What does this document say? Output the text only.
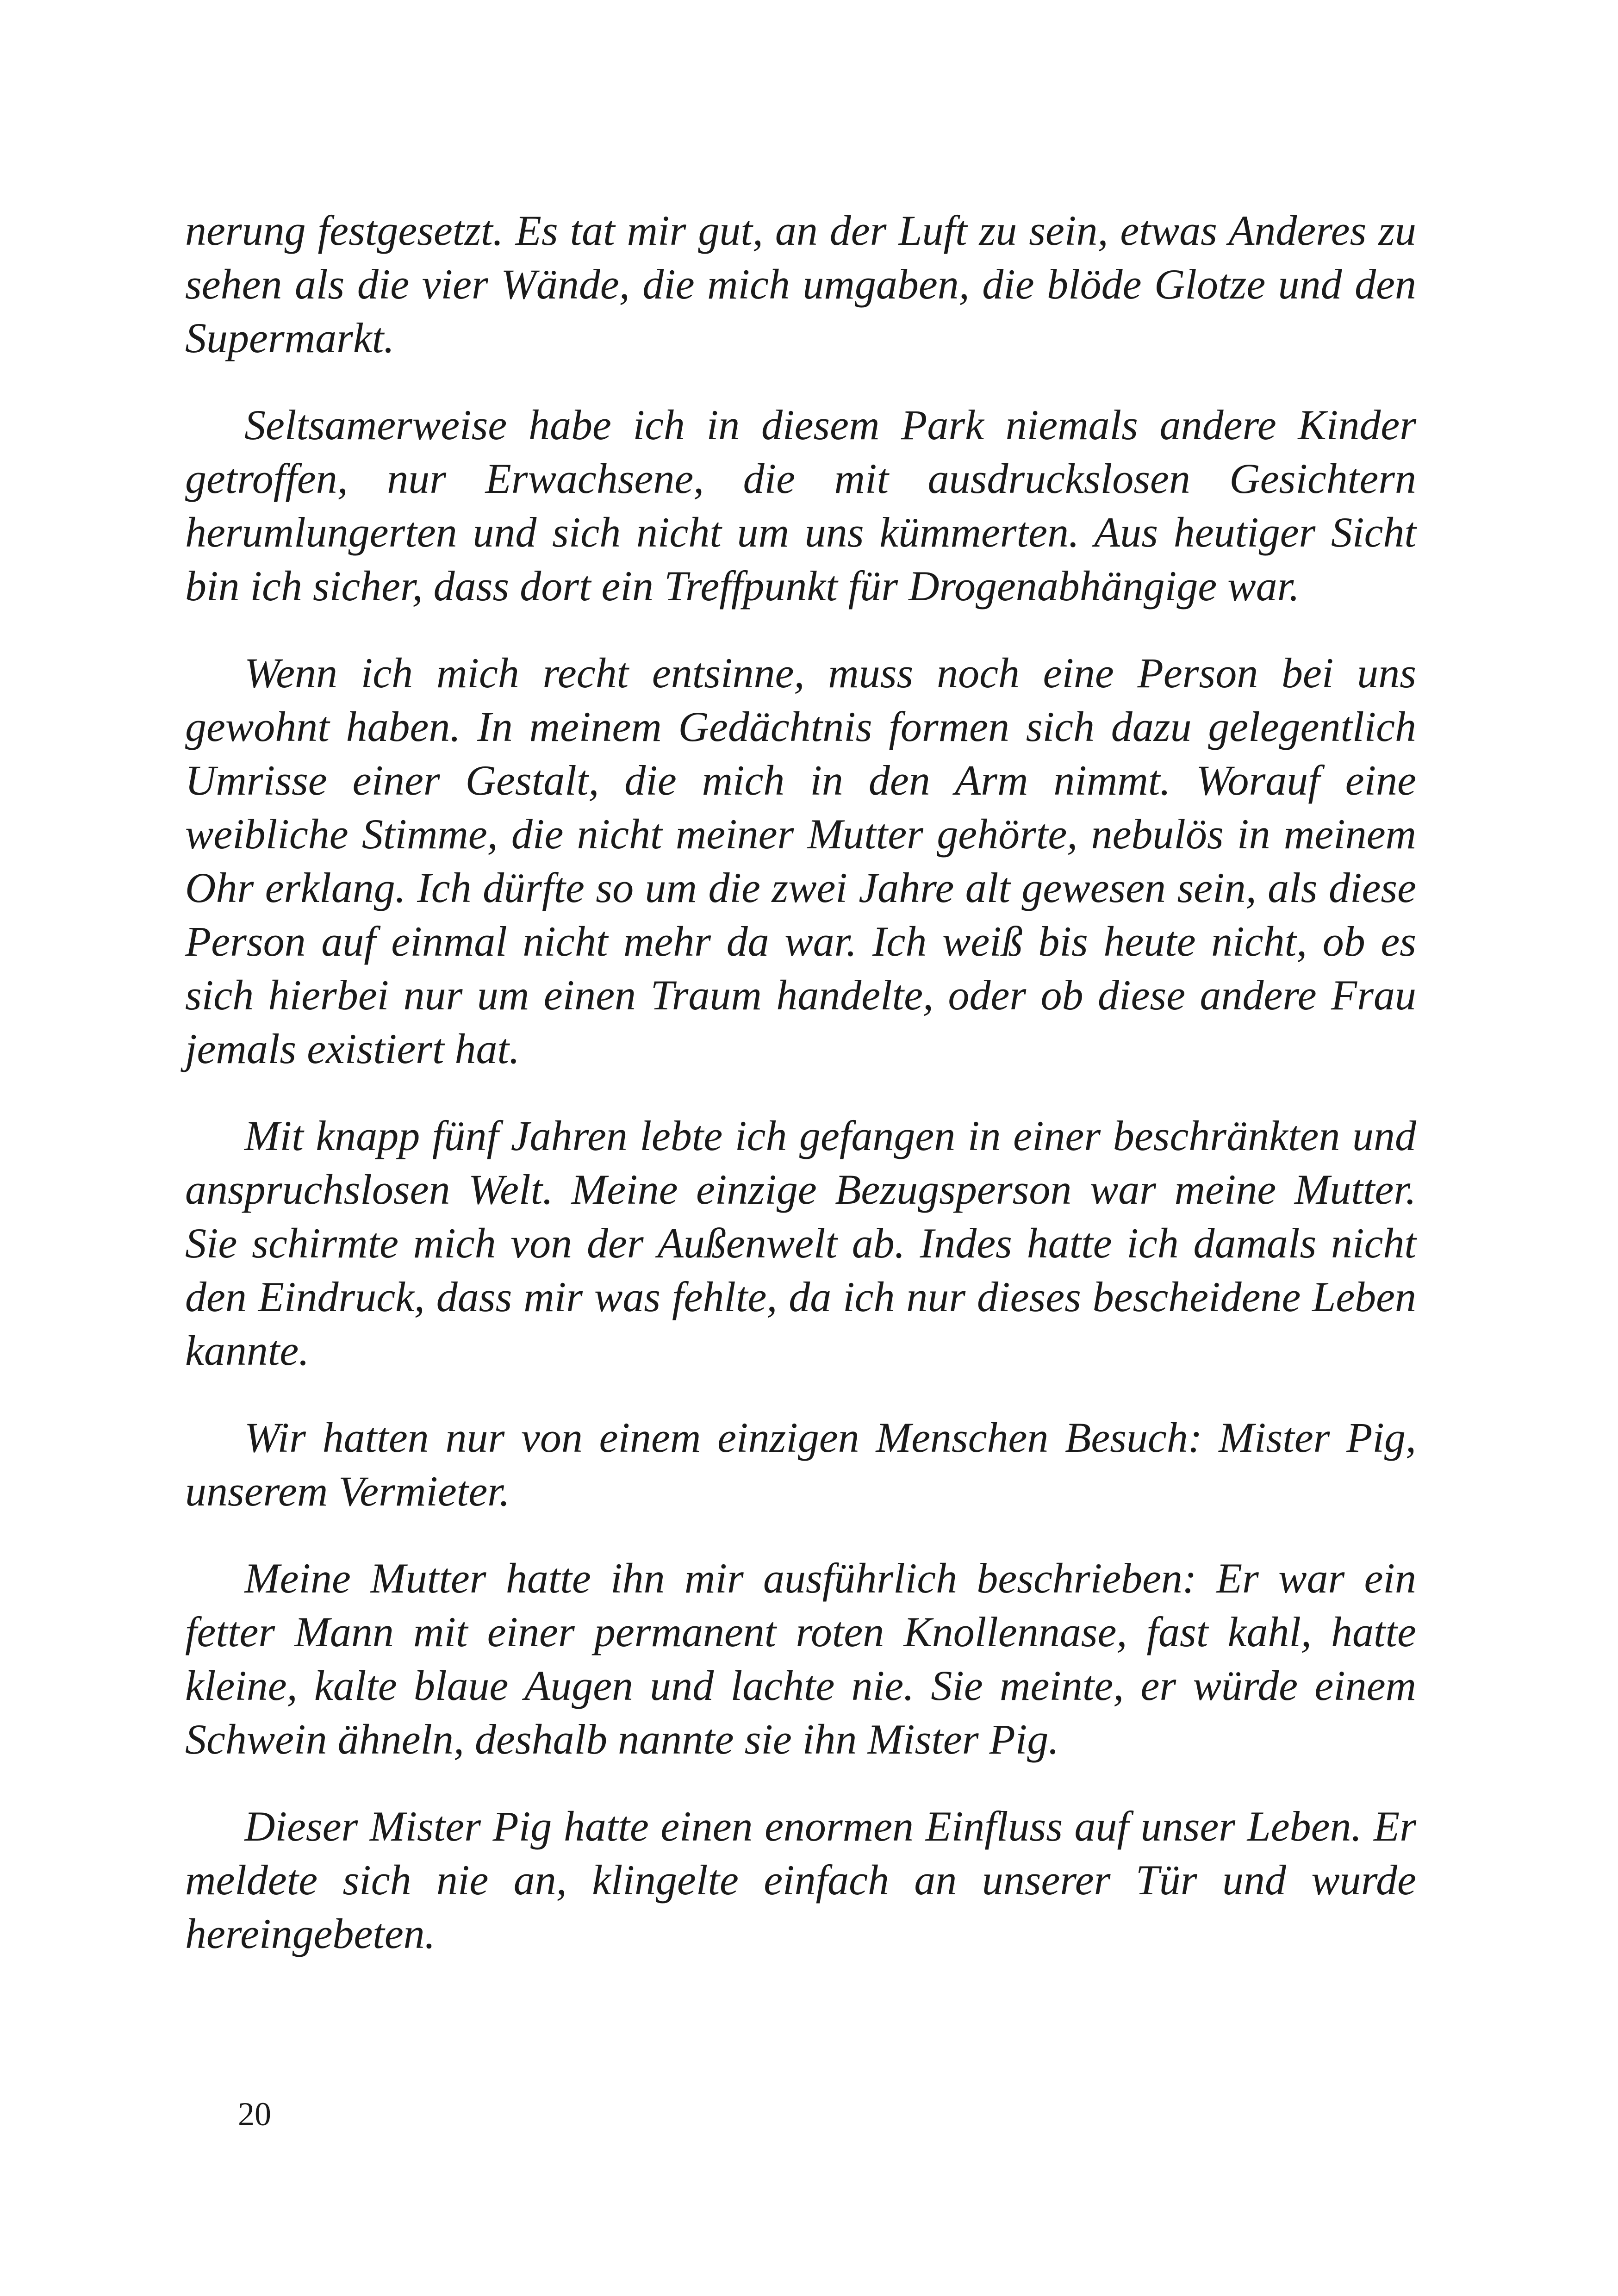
nerung festgesetzt. Es tat mir gut, an der Luft zu sein, etwas Anderes zu sehen als die vier Wände, die mich umgaben, die blöde Glotze und den Supermarkt.

Seltsamerweise habe ich in diesem Park niemals andere Kinder getroffen, nur Erwachsene, die mit ausdruckslosen Gesichtern herumlungerten und sich nicht um uns kümmerten. Aus heutiger Sicht bin ich sicher, dass dort ein Treffpunkt für Drogenabhängige war.

Wenn ich mich recht entsinne, muss noch eine Person bei uns gewohnt haben. In meinem Gedächtnis formen sich dazu gelegentlich Umrisse einer Gestalt, die mich in den Arm nimmt. Worauf eine weibliche Stimme, die nicht meiner Mutter gehörte, nebulös in meinem Ohr erklang. Ich dürfte so um die zwei Jahre alt gewesen sein, als diese Person auf einmal nicht mehr da war. Ich weiß bis heute nicht, ob es sich hierbei nur um einen Traum handelte, oder ob diese andere Frau jemals existiert hat.

Mit knapp fünf Jahren lebte ich gefangen in einer beschränkten und anspruchslosen Welt. Meine einzige Bezugsperson war meine Mutter. Sie schirmte mich von der Außenwelt ab. Indes hatte ich damals nicht den Eindruck, dass mir was fehlte, da ich nur dieses bescheidene Leben kannte.

Wir hatten nur von einem einzigen Menschen Besuch: Mister Pig, unserem Vermieter.

Meine Mutter hatte ihn mir ausführlich beschrieben: Er war ein fetter Mann mit einer permanent roten Knollennase, fast kahl, hatte kleine, kalte blaue Augen und lachte nie. Sie meinte, er würde einem Schwein ähneln, deshalb nannte sie ihn Mister Pig.

Dieser Mister Pig hatte einen enormen Einfluss auf unser Leben. Er meldete sich nie an, klingelte einfach an unserer Tür und wurde hereingebeten.

20
